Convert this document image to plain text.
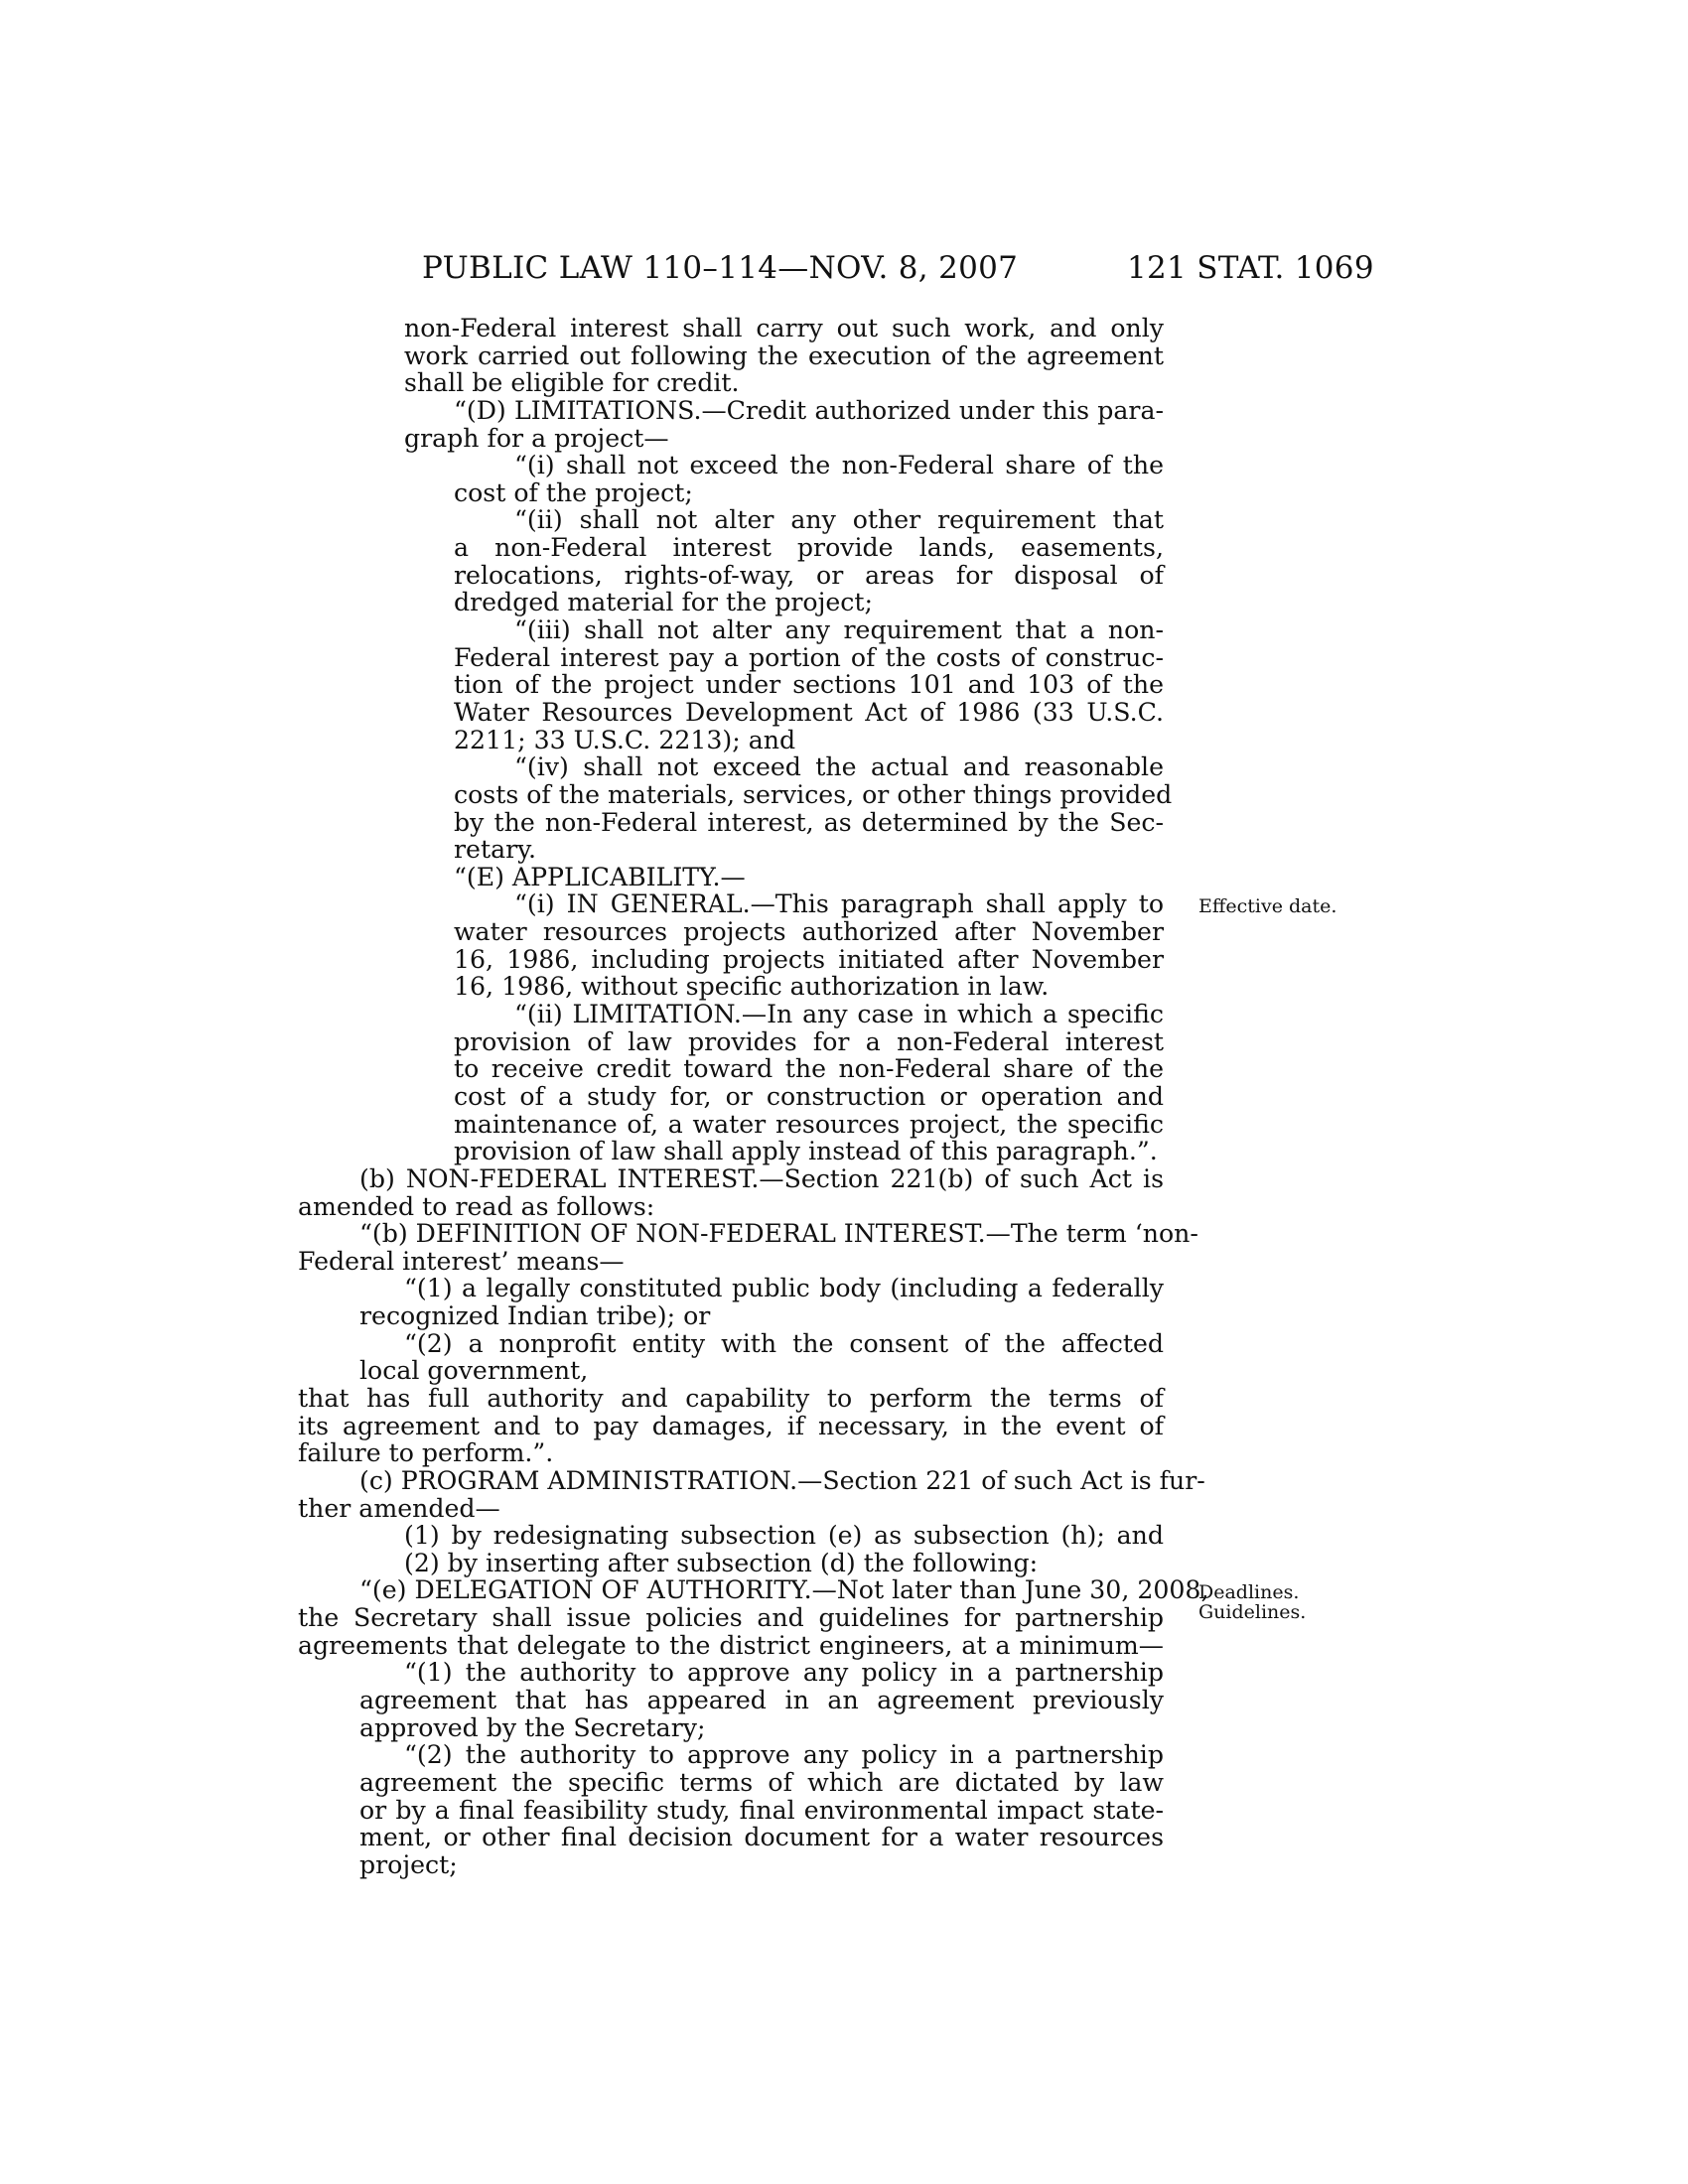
PUBLIC LAW 110–114—NOV. 8, 2007	121 STAT. 1069
non-Federal interest shall carry out such work, and only
work carried out following the execution of the agreement
shall be eligible for credit.
“(D) LIMITATIONS.—Credit authorized under this para-
graph for a project—
“(i) shall not exceed the non-Federal share of the
cost of the project;
“(ii) shall not alter any other requirement that
a non-Federal interest provide lands, easements,
relocations, rights-of-way, or areas for disposal of
dredged material for the project;
“(iii) shall not alter any requirement that a non-
Federal interest pay a portion of the costs of construc-
tion of the project under sections 101 and 103 of the
Water Resources Development Act of 1986 (33 U.S.C.
2211; 33 U.S.C. 2213); and
“(iv) shall not exceed the actual and reasonable
costs of the materials, services, or other things provided
by the non-Federal interest, as determined by the Sec-
retary.
“(E) APPLICABILITY.—
“(i) IN GENERAL.—This paragraph shall apply to
water resources projects authorized after November
16, 1986, including projects initiated after November
16, 1986, without specific authorization in law.
“(ii) LIMITATION.—In any case in which a specific
provision of law provides for a non-Federal interest
to receive credit toward the non-Federal share of the
cost of a study for, or construction or operation and
maintenance of, a water resources project, the specific
provision of law shall apply instead of this paragraph.”.
(b) NON-FEDERAL INTEREST.—Section 221(b) of such Act is
amended to read as follows:
“(b) DEFINITION OF NON-FEDERAL INTEREST.—The term ‘non-
Federal interest’ means—
“(1) a legally constituted public body (including a federally
recognized Indian tribe); or
“(2) a nonprofit entity with the consent of the affected
local government,
that has full authority and capability to perform the terms of
its agreement and to pay damages, if necessary, in the event of
failure to perform.”.
(c) PROGRAM ADMINISTRATION.—Section 221 of such Act is fur-
ther amended—
(1) by redesignating subsection (e) as subsection (h); and
(2) by inserting after subsection (d) the following:
“(e) DELEGATION OF AUTHORITY.—Not later than June 30, 2008,
the Secretary shall issue policies and guidelines for partnership
agreements that delegate to the district engineers, at a minimum—
“(1) the authority to approve any policy in a partnership
agreement that has appeared in an agreement previously
approved by the Secretary;
“(2) the authority to approve any policy in a partnership
agreement the specific terms of which are dictated by law
or by a final feasibility study, final environmental impact state-
ment, or other final decision document for a water resources
project;
Effective date.
Deadlines.
Guidelines.
